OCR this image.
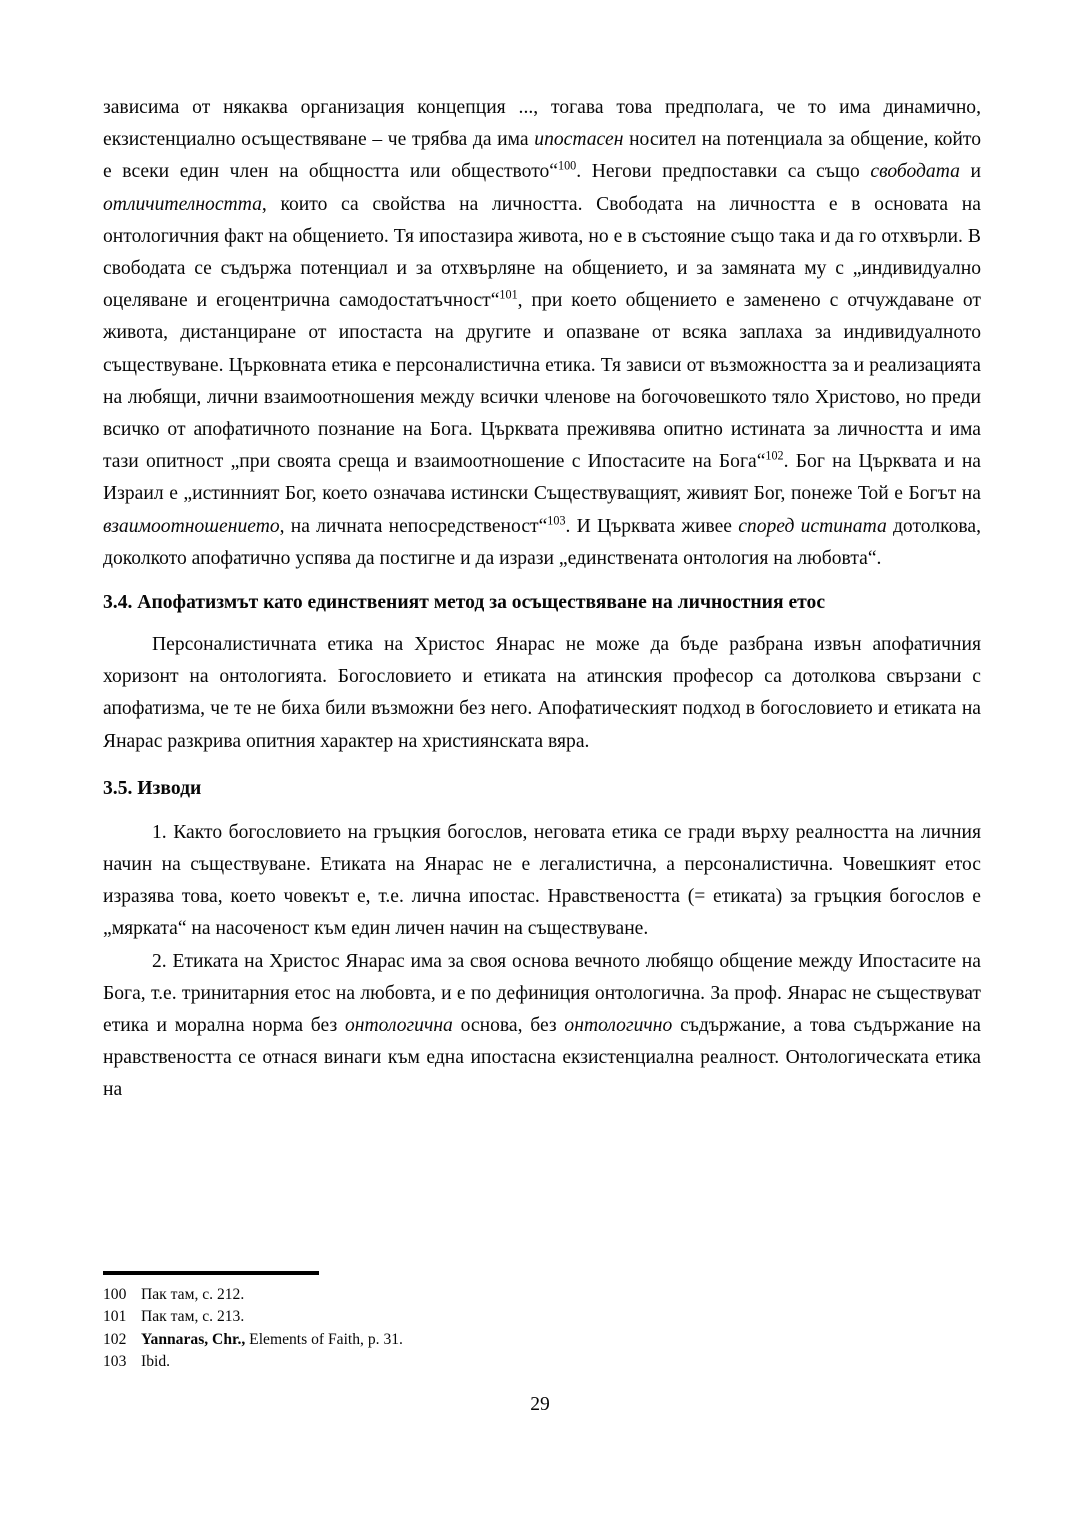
зависима от някаква организация концепция ..., тогава това предполага, че то има динамично, екзистенциално осъществяване – че трябва да има ипостасен носител на потенциала за общение, който е всеки един член на общността или обществото“$^{100}$. Негови предпоставки са също свободата и отличителността, които са свойства на личността. Свободата на личността е в основата на онтологичния факт на общението. Тя ипостазира живота, но е в състояние също така и да го отхвърли. В свободата се съдържа потенциал и за отхвърляне на общението, и за замяната му с „индивидуално оцеляване и егоцентрична самодостатъчност“$^{101}$, при което общението е заменено с отчуждаване от живота, дистанциране от ипостаста на другите и опазване от всяка заплаха за индивидуалното съществуване. Църковната етика е персоналистична етика. Тя зависи от възможността за и реализацията на любящи, лични взаимоотношения между всички членове на богочовешкото тяло Христово, но преди всичко от апофатичното познание на Бога. Църквата преживява опитно истината за личността и има тази опитност „при своята среща и взаимоотношение с Ипостасите на Бога“$^{102}$. Бог на Църквата и на Израил е „истинният Бог, което означава истински Съществуващият, живият Бог, понеже Той е Богът на взаимоотношението, на личната непосредственост“$^{103}$. И Църквата живее според истината дотолкова, доколкото апофатично успява да постигне и да изрази „единствената онтология на любовта“.

3.4. Апофатизмът като единственият метод за осъществяване на личностния етос

Персоналистичната етика на Христос Янарас не може да бъде разбрана извън апофатичния хоризонт на онтологията. Богословието и етиката на атинския професор са дотолкова свързани с апофатизма, че те не биха били възможни без него. Апофатическият подход в богословието и етиката на Янарас разкрива опитния характер на християнската вяра.

3.5. Изводи

1. Както богословието на гръцкия богослов, неговата етика се гради върху реалността на личния начин на съществуване. Етиката на Янарас не е легалистична, а персоналистична. Човешкият етос изразява това, което човекът е, т.е. лична ипостас. Нравствеността (= етиката) за гръцкия богослов е „мярката“ на насоченост към един личен начин на съществуване.

2. Етиката на Христос Янарас има за своя основа вечното любящо общение между Ипостасите на Бога, т.е. тринитарния етос на любовта, и е по дефиниция онтологична. За проф. Янарас не съществуват етика и морална норма без онтологична основа, без онтологично съдържание, а това съдържание на нравствеността се отнася винаги към една ипостасна екзистенциална реалност. Онтологическата етика на

100 Пак там, с. 212.
101 Пак там, с. 213.
102 Yannaras, Chr., Elements of Faith, p. 31.
103 Ibid.
29
